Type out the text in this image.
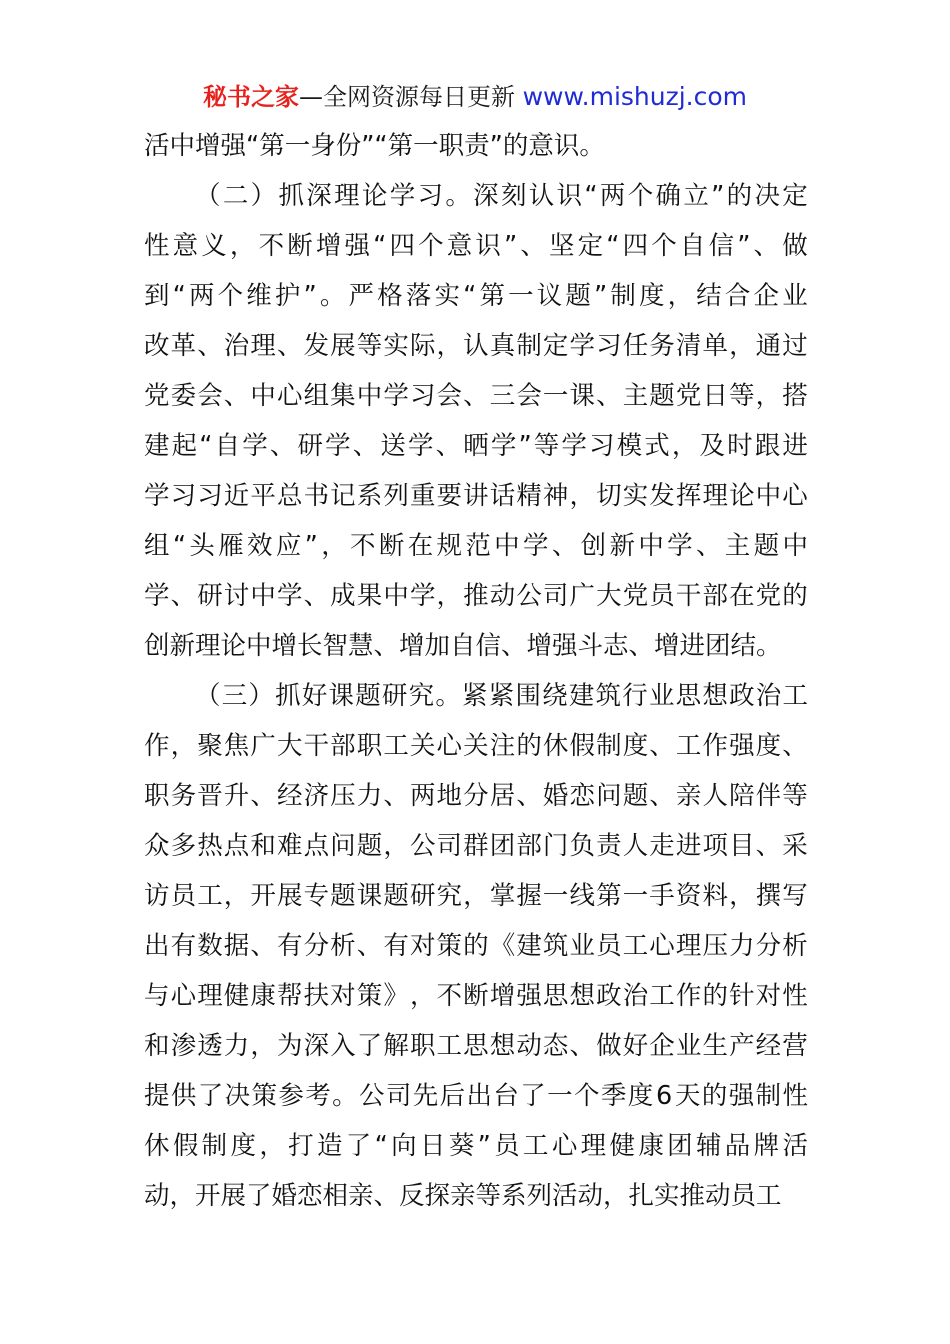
秘书之家—全网资源每日更新 www.mishuzj.com
活中增强“第一身份”“第一职责”的意识。
（ 二 ） 抓 深 理 论 学 习 。 深 刻 认 识 “ 两 个 确 立 ” 的 决 定
性 意 义 ， 不 断 增 强 “ 四 个 意 识 ” 、 坚 定 “ 四 个 自 信 ” 、 做
到 “ 两 个 维 护 ” 。 严 格 落 实 “ 第 一 议 题 ” 制 度 ， 结 合 企 业
改 革 、 治 理 、 发 展 等 实 际 ， 认 真 制 定 学 习 任 务 清 单 ， 通 过
党 委 会 、 中 心 组 集 中 学 习 会 、 三 会 一 课 、 主 题 党 日 等 ， 搭
建 起 “ 自 学 、 研 学 、 送 学 、 晒 学 ” 等 学 习 模 式 ， 及 时 跟 进
学 习 习 近 平 总 书 记 系 列 重 要 讲 话 精 神 ， 切 实 发 挥 理 论 中 心
组 “ 头 雁 效 应 ” ， 不 断 在 规 范 中 学 、 创 新 中 学 、 主 题 中
学 、 研 讨 中 学 、 成 果 中 学 ， 推 动 公 司 广 大 党 员 干 部 在 党 的
创新理论中增长智慧、增加自信、增强斗志、增进团结。
（ 三 ） 抓 好 课 题 研 究 。 紧 紧 围 绕 建 筑 行 业 思 想 政 治 工
作 ， 聚 焦 广 大 干 部 职 工 关 心 关 注 的 休 假 制 度 、 工 作 强 度 、
职 务 晋 升 、 经 济 压 力 、 两 地 分 居 、 婚 恋 问 题 、 亲 人 陪 伴 等
众 多 热 点 和 难 点 问 题 ， 公 司 群 团 部 门 负 责 人 走 进 项 目 、 采
访 员 工 ， 开 展 专 题 课 题 研 究 ， 掌 握 一 线 第 一 手 资 料 ， 撰 写
出 有 数 据 、 有 分 析 、 有 对 策 的 《 建 筑 业 员 工 心 理 压 力 分 析
与 心 理 健 康 帮 扶 对 策 》 ， 不 断 增 强 思 想 政 治 工 作 的 针 对 性
和 渗 透 力 ， 为 深 入 了 解 职 工 思 想 动 态 、 做 好 企 业 生 产 经 营
提 供 了 决 策 参 考 。 公 司 先 后 出 台 了 一 个 季 度 6 天 的 强 制 性
休 假 制 度 ， 打 造 了 “ 向 日 葵 ” 员 工 心 理 健 康 团 辅 品 牌 活
动，开展了婚恋相亲、反探亲等系列活动，扎实推动员工
